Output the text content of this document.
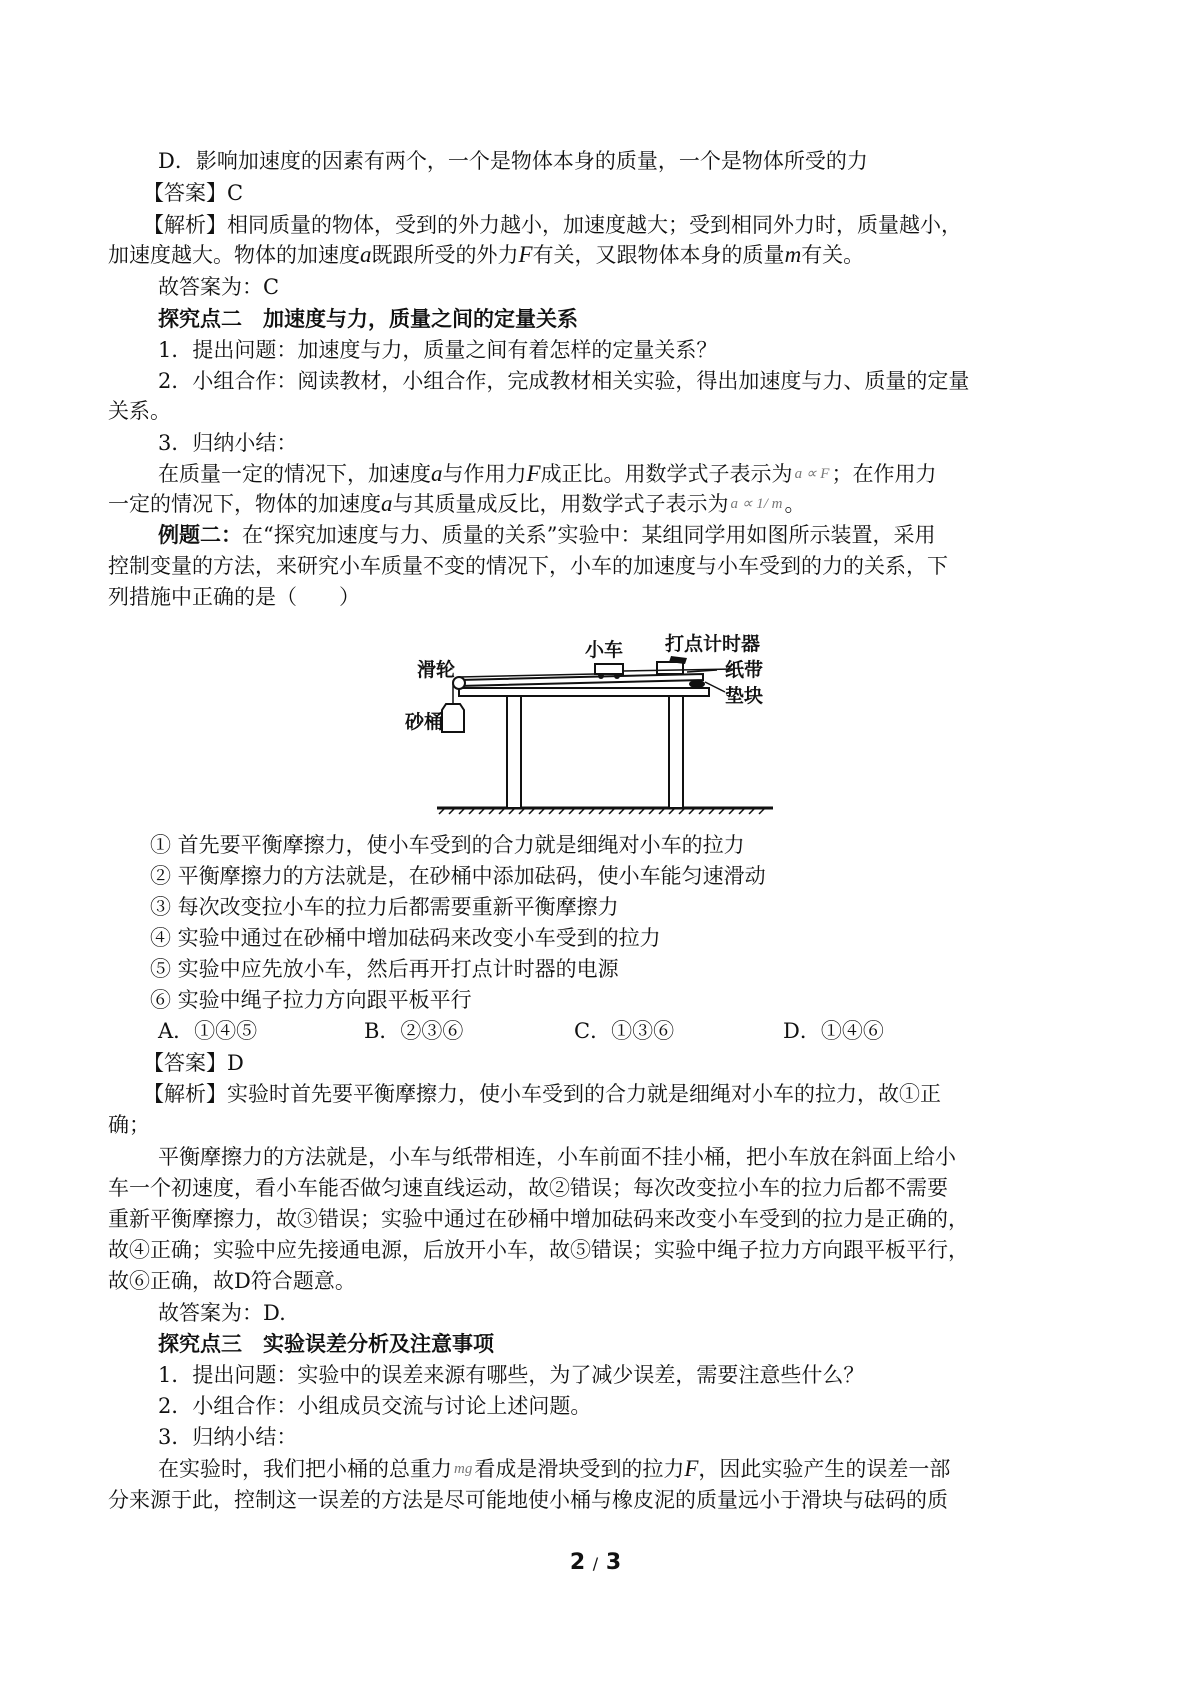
D．影响加速度的因素有两个，一个是物体本身的质量，一个是物体所受的力
【答案】C
【解析】相同质量的物体，受到的外力越小，加速度越大；受到相同外力时，质量越小，
加速度越大。物体的加速度a既跟所受的外力F有关，又跟物体本身的质量m有关。
故答案为：C
探究点二　加速度与力，质量之间的定量关系
1．提出问题：加速度与力，质量之间有着怎样的定量关系？
2．小组合作：阅读教材，小组合作，完成教材相关实验，得出加速度与力、质量的定量
关系。
3．归纳小结：
在质量一定的情况下，加速度a与作用力F成正比。用数学式子表示为 a ∝ F；在作用力
一定的情况下，物体的加速度a与其质量成反比，用数学式子表示为 a ∝ 1/ m。
例题二：在“探究加速度与力、质量的关系”实验中：某组同学用如图所示装置，采用
控制变量的方法，来研究小车质量不变的情况下，小车的加速度与小车受到的力的关系，下
列措施中正确的是（　　）
打点计时器
小车
滑轮	纸带
垫块
砂桶
① 首先要平衡摩擦力，使小车受到的合力就是细绳对小车的拉力
② 平衡摩擦力的方法就是，在砂桶中添加砝码，使小车能匀速滑动
③ 每次改变拉小车的拉力后都需要重新平衡摩擦力
④ 实验中通过在砂桶中增加砝码来改变小车受到的拉力
⑤ 实验中应先放小车，然后再开打点计时器的电源
⑥ 实验中绳子拉力方向跟平板平行
A．①④⑤	B．②③⑥	C．①③⑥	D．①④⑥
【答案】D
【解析】实验时首先要平衡摩擦力，使小车受到的合力就是细绳对小车的拉力，故①正
确；
平衡摩擦力的方法就是，小车与纸带相连，小车前面不挂小桶，把小车放在斜面上给小
车一个初速度，看小车能否做匀速直线运动，故②错误；每次改变拉小车的拉力后都不需要
重新平衡摩擦力，故③错误；实验中通过在砂桶中增加砝码来改变小车受到的拉力是正确的，
故④正确；实验中应先接通电源，后放开小车，故⑤错误；实验中绳子拉力方向跟平板平行，
故⑥正确，故D符合题意。
故答案为：D.
探究点三　实验误差分析及注意事项
1．提出问题：实验中的误差来源有哪些，为了减少误差，需要注意些什么？
2．小组合作：小组成员交流与讨论上述问题。
3．归纳小结：
在实验时，我们把小桶的总重力 mg看成是滑块受到的拉力F，因此实验产生的误差一部
分来源于此，控制这一误差的方法是尽可能地使小桶与橡皮泥的质量远小于滑块与砝码的质
2 / 3
